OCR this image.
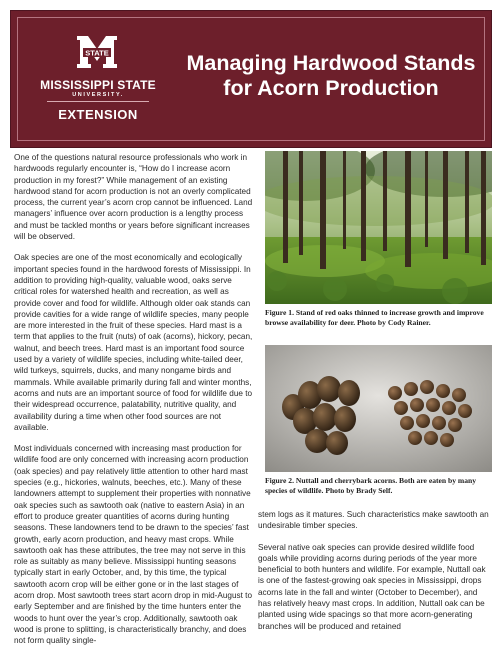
STATE
MISSISSIPPI STATE
UNIVERSITY.
EXTENSION
Managing Hardwood Stands
for Acorn Production

One of the questions natural resource professionals who work in hardwoods regularly encounter is, “How do I increase acorn production in my forest?” While management of an existing hardwood stand for acorn production is not an overly complicated process, the current year’s acorn crop cannot be influenced. Land managers’ influence over acorn production is a lengthy process and must be tackled months or years before significant increases will be observed.

Oak species are one of the most economically and ecologically important species found in the hardwood forests of Mississippi. In addition to providing high-quality, valuable wood, oaks serve critical roles for watershed health and recreation, as well as provide cover and food for wildlife. Although older oak stands can provide cavities for a wide range of wildlife species, many people are more interested in the fruit of these species. Hard mast is a term that applies to the fruit (nuts) of oak (acorns), hickory, pecan, walnut, and beech trees. Hard mast is an important food source used by a variety of wildlife species, including white-tailed deer, wild turkeys, squirrels, ducks, and many nongame birds and mammals. While available primarily during fall and winter months, acorns and nuts are an important source of food for wildlife due to their widespread occurrence, palatability, nutritive quality, and availability during a time when other food sources are not available.

Most individuals concerned with increasing mast production for wildlife food are only concerned with increasing acorn production (oak species) and pay relatively little attention to other hard mast species (e.g., hickories, walnuts, beeches, etc.). Many of these landowners attempt to supplement their properties with nonnative oak species such as sawtooth oak (native to eastern Asia) in an effort to produce greater quantities of acorns during hunting seasons. These landowners tend to be drawn to the species’ fast growth, early acorn production, and heavy mast crops. While sawtooth oak has these attributes, the tree may not serve in this role as suitably as many believe. Mississippi hunting seasons typically start in early October, and, by this time, the typical sawtooth acorn crop will be either gone or in the last stages of acorn drop. Most sawtooth trees start acorn drop in mid-August to early September and are finished by the time hunters enter the woods to hunt over the year’s crop. Additionally, sawtooth oak wood is prone to splitting, is characteristically branchy, and does not form quality single-

Figure 1. Stand of red oaks thinned to increase growth and improve browse availability for deer. Photo by Cody Rainer.
Figure 2. Nuttall and cherrybark acorns. Both are eaten by many species of wildlife. Photo by Brady Self.

stem logs as it matures. Such characteristics make sawtooth an undesirable timber species.

Several native oak species can provide desired wildlife food goals while providing acorns during periods of the year more beneficial to both hunters and wildlife. For example, Nuttall oak is one of the fastest-growing oak species in Mississippi, drops acorns late in the fall and winter (October to December), and has relatively heavy mast crops. In addition, Nuttall oak can be planted using wide spacings so that more acorn-generating branches will be produced and retained
